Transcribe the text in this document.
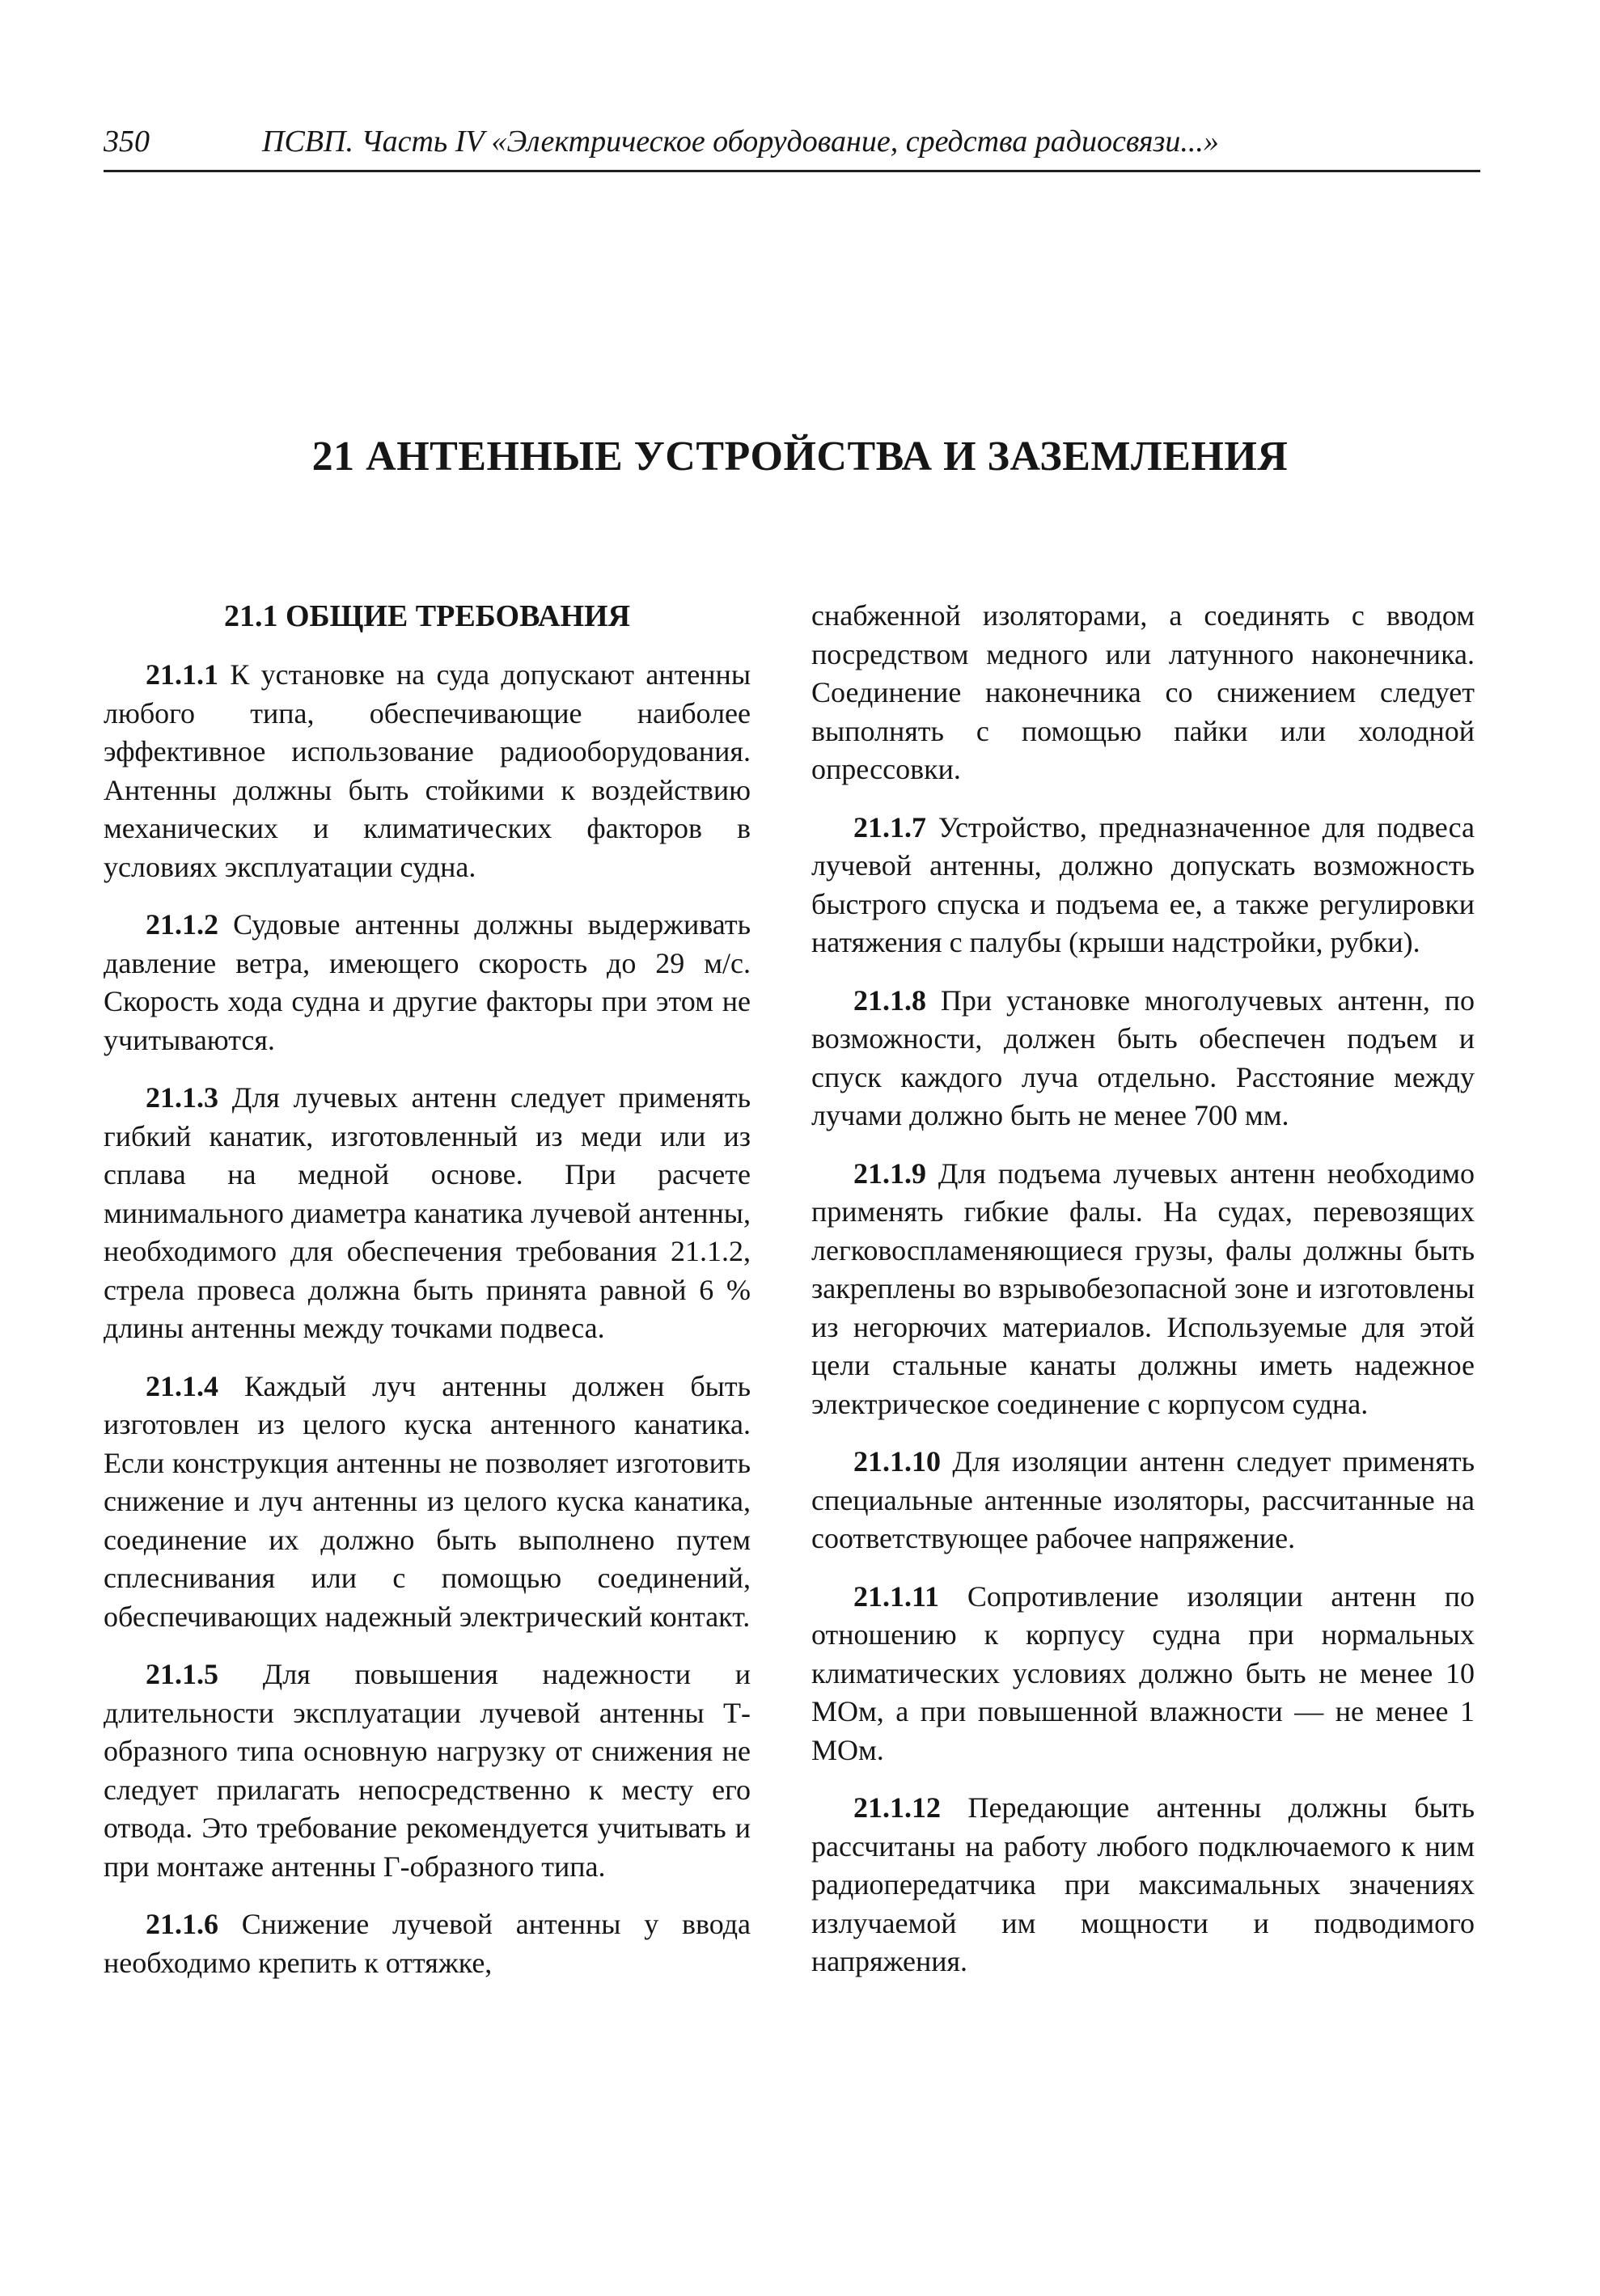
350	ПСВП. Часть IV «Электрическое оборудование, средства радиосвязи...»
21 АНТЕННЫЕ УСТРОЙСТВА И ЗАЗЕМЛЕНИЯ
21.1 ОБЩИЕ ТРЕБОВАНИЯ

21.1.1 К установке на суда допускают антенны любого типа, обеспечивающие наиболее эффективное использование радиооборудования. Антенны должны быть стойкими к воздействию механических и климатических факторов в условиях эксплуатации судна.

21.1.2 Судовые антенны должны выдерживать давление ветра, имеющего скорость до 29 м/с. Скорость хода судна и другие факторы при этом не учитываются.

21.1.3 Для лучевых антенн следует применять гибкий канатик, изготовленный из меди или из сплава на медной основе. При расчете минимального диаметра канатика лучевой антенны, необходимого для обеспечения требования 21.1.2, стрела провеса должна быть принята равной 6 % длины антенны между точками подвеса.

21.1.4 Каждый луч антенны должен быть изготовлен из целого куска антенного канатика. Если конструкция антенны не позволяет изготовить снижение и луч антенны из целого куска канатика, соединение их должно быть выполнено путем сплеснивания или с помощью соединений, обеспечивающих надежный электрический контакт.

21.1.5 Для повышения надежности и длительности эксплуатации лучевой антенны Т-образного типа основную нагрузку от снижения не следует прилагать непосредственно к месту его отвода. Это требование рекомендуется учитывать и при монтаже антенны Г-образного типа.

21.1.6 Снижение лучевой антенны у ввода необходимо крепить к оттяжке,

снабженной изоляторами, а соединять с вводом посредством медного или латунного наконечника. Соединение наконечника со снижением следует выполнять с помощью пайки или холодной опрессовки.

21.1.7 Устройство, предназначенное для подвеса лучевой антенны, должно допускать возможность быстрого спуска и подъема ее, а также регулировки натяжения с палубы (крыши надстройки, рубки).

21.1.8 При установке многолучевых антенн, по возможности, должен быть обеспечен подъем и спуск каждого луча отдельно. Расстояние между лучами должно быть не менее 700 мм.

21.1.9 Для подъема лучевых антенн необходимо применять гибкие фалы. На судах, перевозящих легковоспламеняющиеся грузы, фалы должны быть закреплены во взрывобезопасной зоне и изготовлены из негорючих материалов. Используемые для этой цели стальные канаты должны иметь надежное электрическое соединение с корпусом судна.

21.1.10 Для изоляции антенн следует применять специальные антенные изоляторы, рассчитанные на соответствующее рабочее напряжение.

21.1.11 Сопротивление изоляции антенн по отношению к корпусу судна при нормальных климатических условиях должно быть не менее 10 МОм, а при повышенной влажности — не менее 1 МОм.

21.1.12 Передающие антенны должны быть рассчитаны на работу любого подключаемого к ним радиопередатчика при максимальных значениях излучаемой им мощности и подводимого напряжения.
